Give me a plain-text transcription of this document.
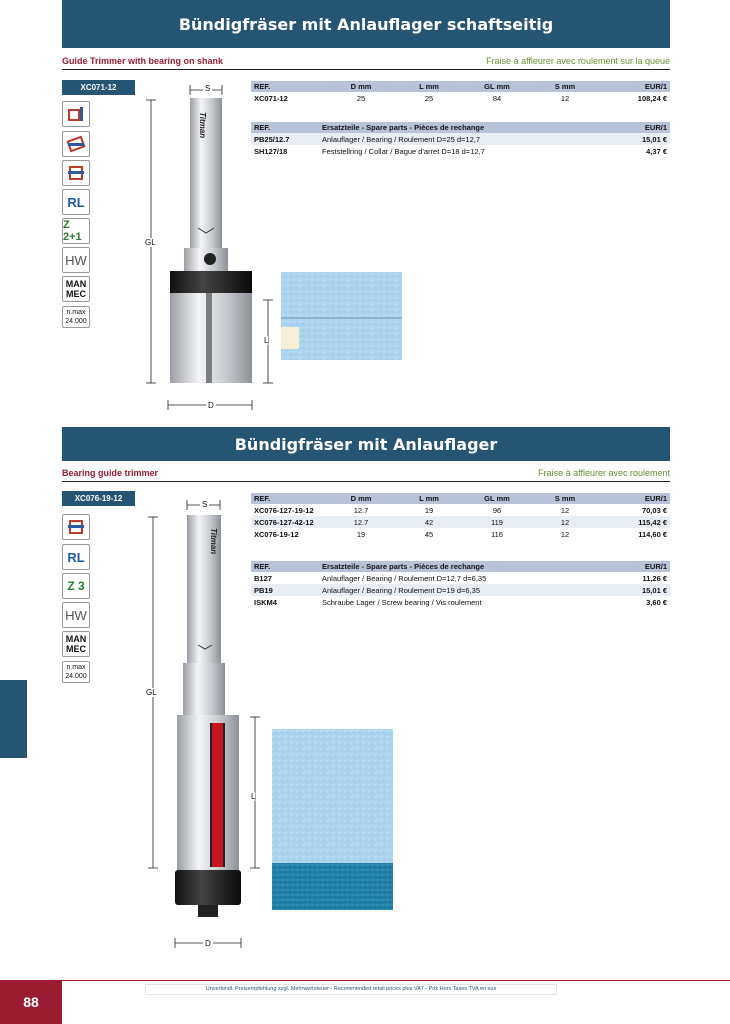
Bündigfräser mit Anlauflager schaftseitig
Guide Trimmer with bearing on shank	Fraise à affleurer avec roulement sur la queue
XC071-12
RL
Z 2+1
HW
MAN
MEC
n.max
24.000
S
GL
L
D
Titman
REF.	D mm	L mm	GL mm	S mm	EUR/1
XC071-12	25	25	84	12	108,24 €
REF.	Ersatzteile - Spare parts - Pièces de rechange	EUR/1
PB25/12.7	Anlauflager / Bearing / Roulement D=25 d=12,7	15,01 €
SH127/18	Feststellring / Collar / Bague d'arret D=18 d=12,7	4,37 €
Bündigfräser mit Anlauflager
Bearing guide trimmer	Fraise à affleurer avec roulement
XC076-19-12
RL
Z 3
HW
MAN
MEC
n.max
24.000
S
GL
L
D
Titman
REF.	D mm	L mm	GL mm	S mm	EUR/1
XC076-127-19-12	12.7	19	96	12	70,03 €
XC076-127-42-12	12.7	42	119	12	115,42 €
XC076-19-12	19	45	116	12	114,60 €
REF.	Ersatzteile - Spare parts - Pièces de rechange	EUR/1
B127	Anlauflager / Bearing / Roulement D=12,7 d=6,35	11,26 €
PB19	Anlauflager / Bearing / Roulement D=19 d=6,35	15,01 €
ISKM4	Schraube Lager / Screw bearing / Vis roulement	3,60 €
88
Unverbindl. Preisempfehlung zzgl. Mehrwertsteuer - Recommended retail prices plus VAT - Prix Hors Taxes TVA en sus
